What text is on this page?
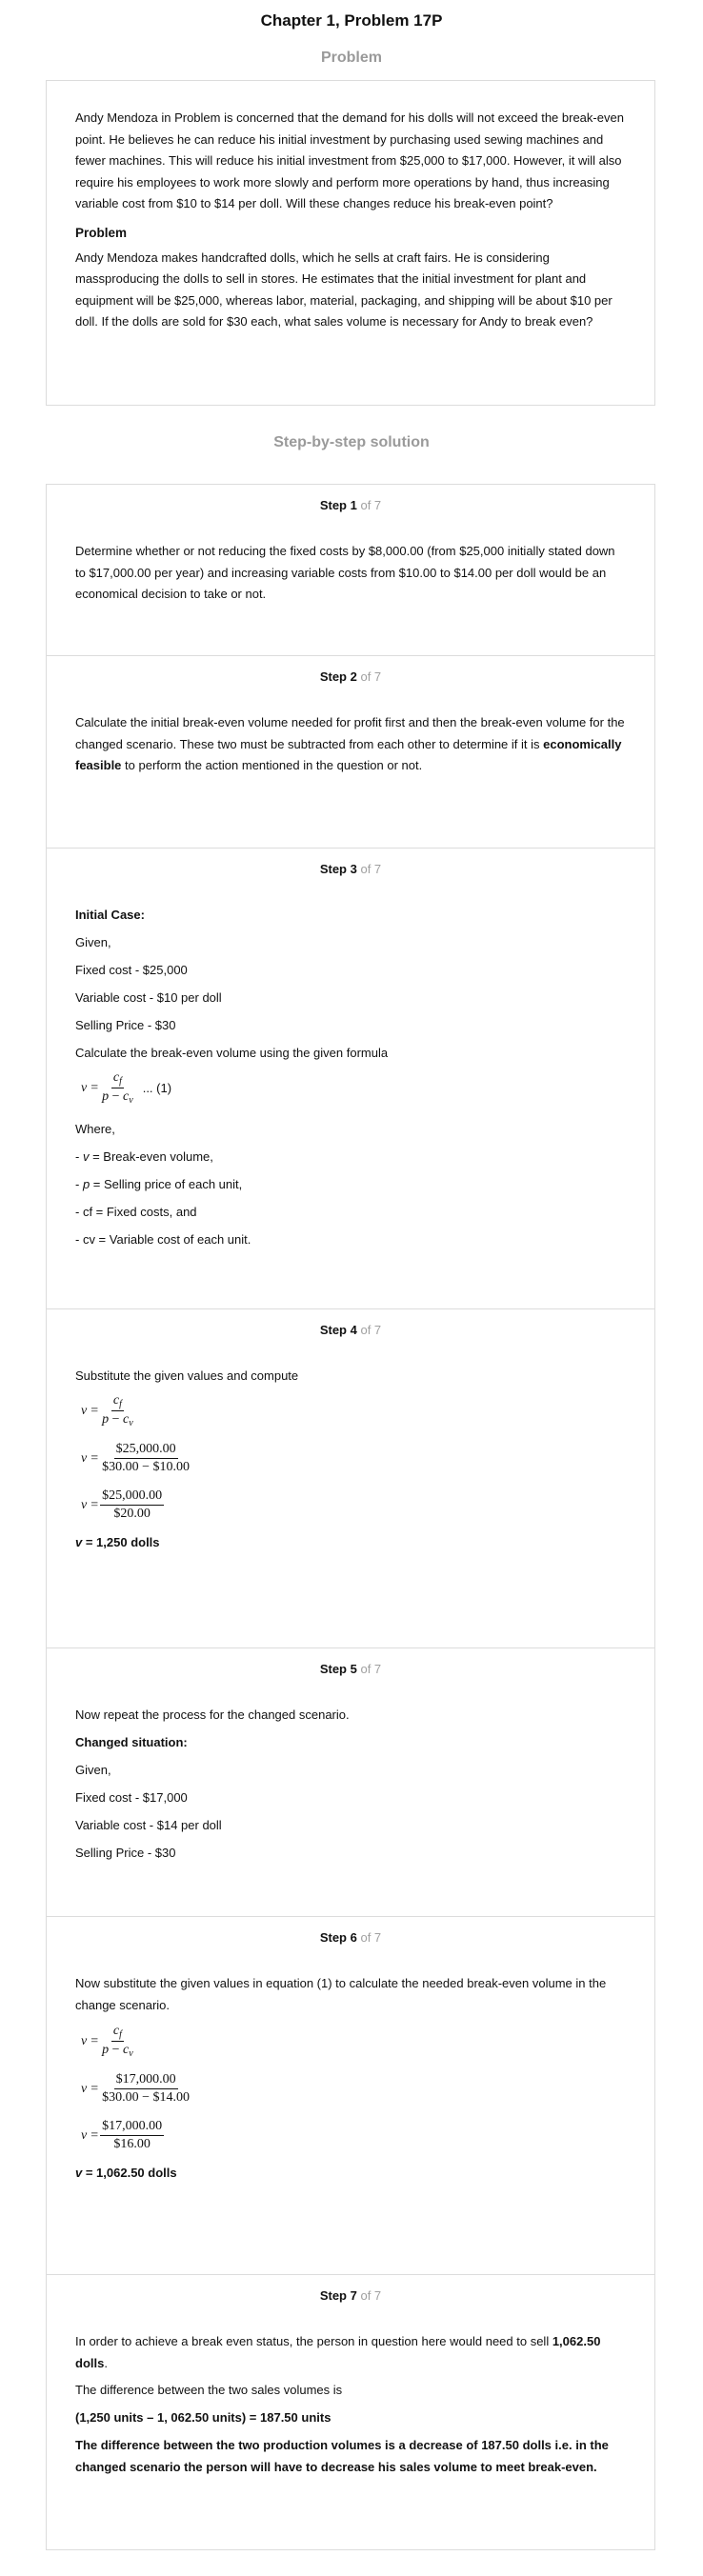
Chapter 1, Problem 17P
Problem

Andy Mendoza in Problem is concerned that the demand for his dolls will not exceed the break-even point. He believes he can reduce his initial investment by purchasing used sewing machines and fewer machines. This will reduce his initial investment from $25,000 to $17,000. However, it will also require his employees to work more slowly and perform more operations by hand, thus increasing variable cost from $10 to $14 per doll. Will these changes reduce his break-even point?

Problem

Andy Mendoza makes handcrafted dolls, which he sells at craft fairs. He is considering massproducing the dolls to sell in stores. He estimates that the initial investment for plant and equipment will be $25,000, whereas labor, material, packaging, and shipping will be about $10 per doll. If the dolls are sold for $30 each, what sales volume is necessary for Andy to break even?

Step-by-step solution
Step 1 of 7

Determine whether or not reducing the fixed costs by $8,000.00 (from $25,000 initially stated down to $17,000.00 per year) and increasing variable costs from $10.00 to $14.00 per doll would be an economical decision to take or not.

Step 2 of 7

Calculate the initial break-even volume needed for profit first and then the break-even volume for the changed scenario. These two must be subtracted from each other to determine if it is economically feasible to perform the action mentioned in the question or not.

Step 3 of 7

Initial Case:

Given,

Fixed cost - $25,000

Variable cost - $10 per doll

Selling Price - $30

Calculate the break-even volume using the given formula

$v = \frac{c_f}{p - c_v}$ ... (1)

Where,

- v = Break-even volume,

- p = Selling price of each unit,

- cf = Fixed costs, and

- cv = Variable cost of each unit.

Step 4 of 7

Substitute the given values and compute

$v = \frac{c_f}{p - c_v}$
$v = \frac{\$25,000.00}{\$30.00 - \$10.00}$
$v = \frac{\$25,000.00}{\$20.00}$

v = 1,250 dolls

Step 5 of 7

Now repeat the process for the changed scenario.

Changed situation:

Given,

Fixed cost - $17,000

Variable cost - $14 per doll

Selling Price - $30

Step 6 of 7

Now substitute the given values in equation (1) to calculate the needed break-even volume in the change scenario.

$v = \frac{c_f}{p - c_v}$
$v = \frac{\$17,000.00}{\$30.00 - \$14.00}$
$v = \frac{\$17,000.00}{\$16.00}$

v = 1,062.50 dolls

Step 7 of 7

In order to achieve a break even status, the person in question here would need to sell 1,062.50 dolls.

The difference between the two sales volumes is

(1,250 units – 1, 062.50 units) = 187.50 units

The difference between the two production volumes is a decrease of 187.50 dolls i.e. in the changed scenario the person will have to decrease his sales volume to meet break-even.
